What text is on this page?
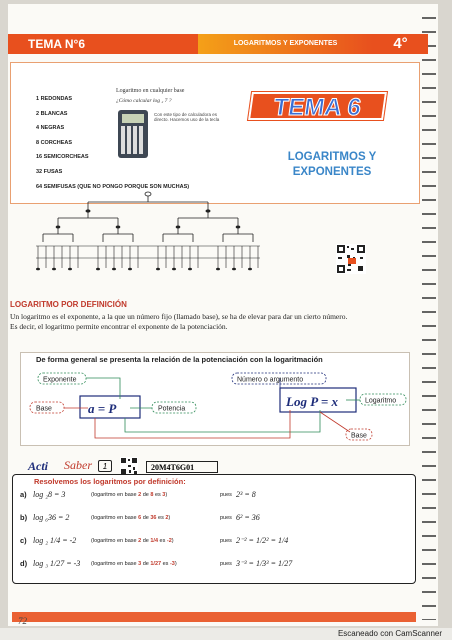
TEMA N°6	LOGARITMOS Y EXPONENTES	4°
1 REDONDAS
2 BLANCAS
4 NEGRAS
8 CORCHEAS
16 SEMICORCHEAS
32 FUSAS
64 SEMIFUSAS (QUE NO PONGO PORQUE SON MUCHAS)
Logaritmo en cualquier base
¿Cómo calcular log ₂ 7 ?
Con este tipo de calculadora es directo. Hacemos uso de la tecla	TEMA 6
LOGARITMOS Y
EXPONENTES
LOGARITMO POR DEFINICIÓN
Un logaritmo es el exponente, a la que un número fijo (llamado base), se ha de elevar para dar un cierto número.
Es decir, el logaritmo permite encontrar el exponente de la potenciación.
De forma general se presenta la relación de la potenciación con la logaritmación
Exponente
Base	Potencia
Número o argumento
Logaritmo
Base
a = P	Log P = x
Acti Saber	1	20M4T6G01
Resolvemos los logaritmos por definición:
a) log ₂8 = 3	(logaritmo en base 2 de 8 es 3)	pues 2³ = 8
b) log ₆36 = 2	(logaritmo en base 6 de 36 es 2)	pues 6² = 36
c) log ₂ 1/4 = -2	(logaritmo en base 2 de 1/4 es -2)	pues 2⁻² = 1/2² = 1/4
d) log ₃ 1/27 = -3	(logaritmo en base 3 de 1/27 es -3)	pues 3⁻³ = 1/3³ = 1/27
72
Escaneado con CamScanner
